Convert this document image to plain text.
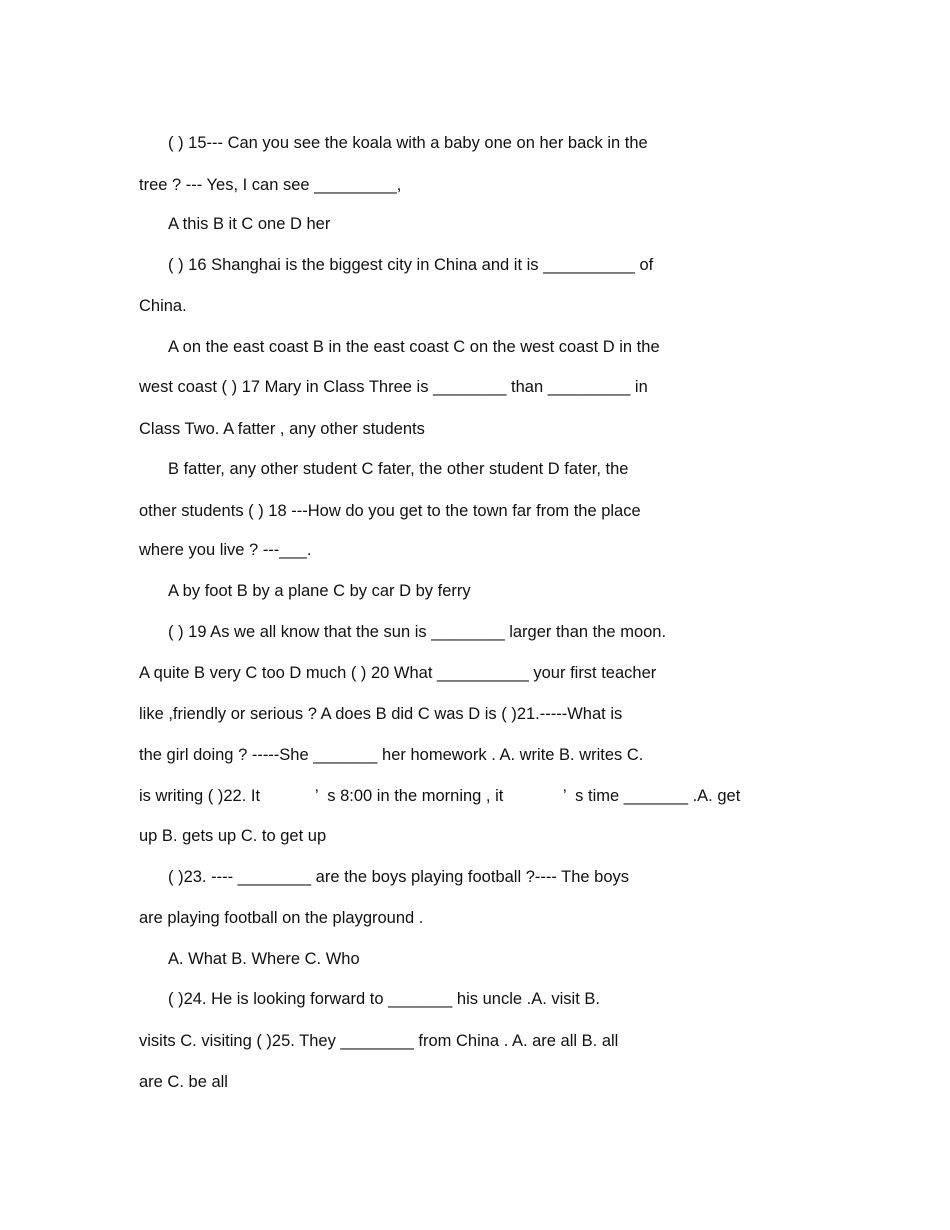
( ) 15--- Can you see the koala with a baby one on her back in the

tree ? --- Yes, I can see _________,

A this B it C one D her

( ) 16 Shanghai is the biggest city in China and it is __________ of

China.

A on the east coast B in the east coast C on the west coast D in the

west coast ( ) 17 Mary in Class Three is ________ than _________ in

Class Two. A fatter , any other students

B fatter, any other student C fater, the other student D fater, the

other students ( ) 18 ---How do you get to the town far from the place

where you live ? ---___.

A by foot B by a plane C by car D by ferry

( ) 19 As we all know that the sun is ________ larger than the moon.

A quite B very C too D much ( ) 20 What __________ your first teacher

like ,friendly or serious ? A does B did C was D is ( )21.-----What is

the girl doing ? -----She _______ her homework . A. write B. writes C.

is writing ( )22. It            ’  s 8:00 in the morning , it             ’  s time _______ .A. get

up B. gets up C. to get up

( )23. ---- ________ are the boys playing football ?---- The boys

are playing football on the playground .

A. What B. Where C. Who

( )24. He is looking forward to _______ his uncle .A. visit B.

visits C. visiting ( )25. They ________ from China . A. are all B. all

are C. be all
